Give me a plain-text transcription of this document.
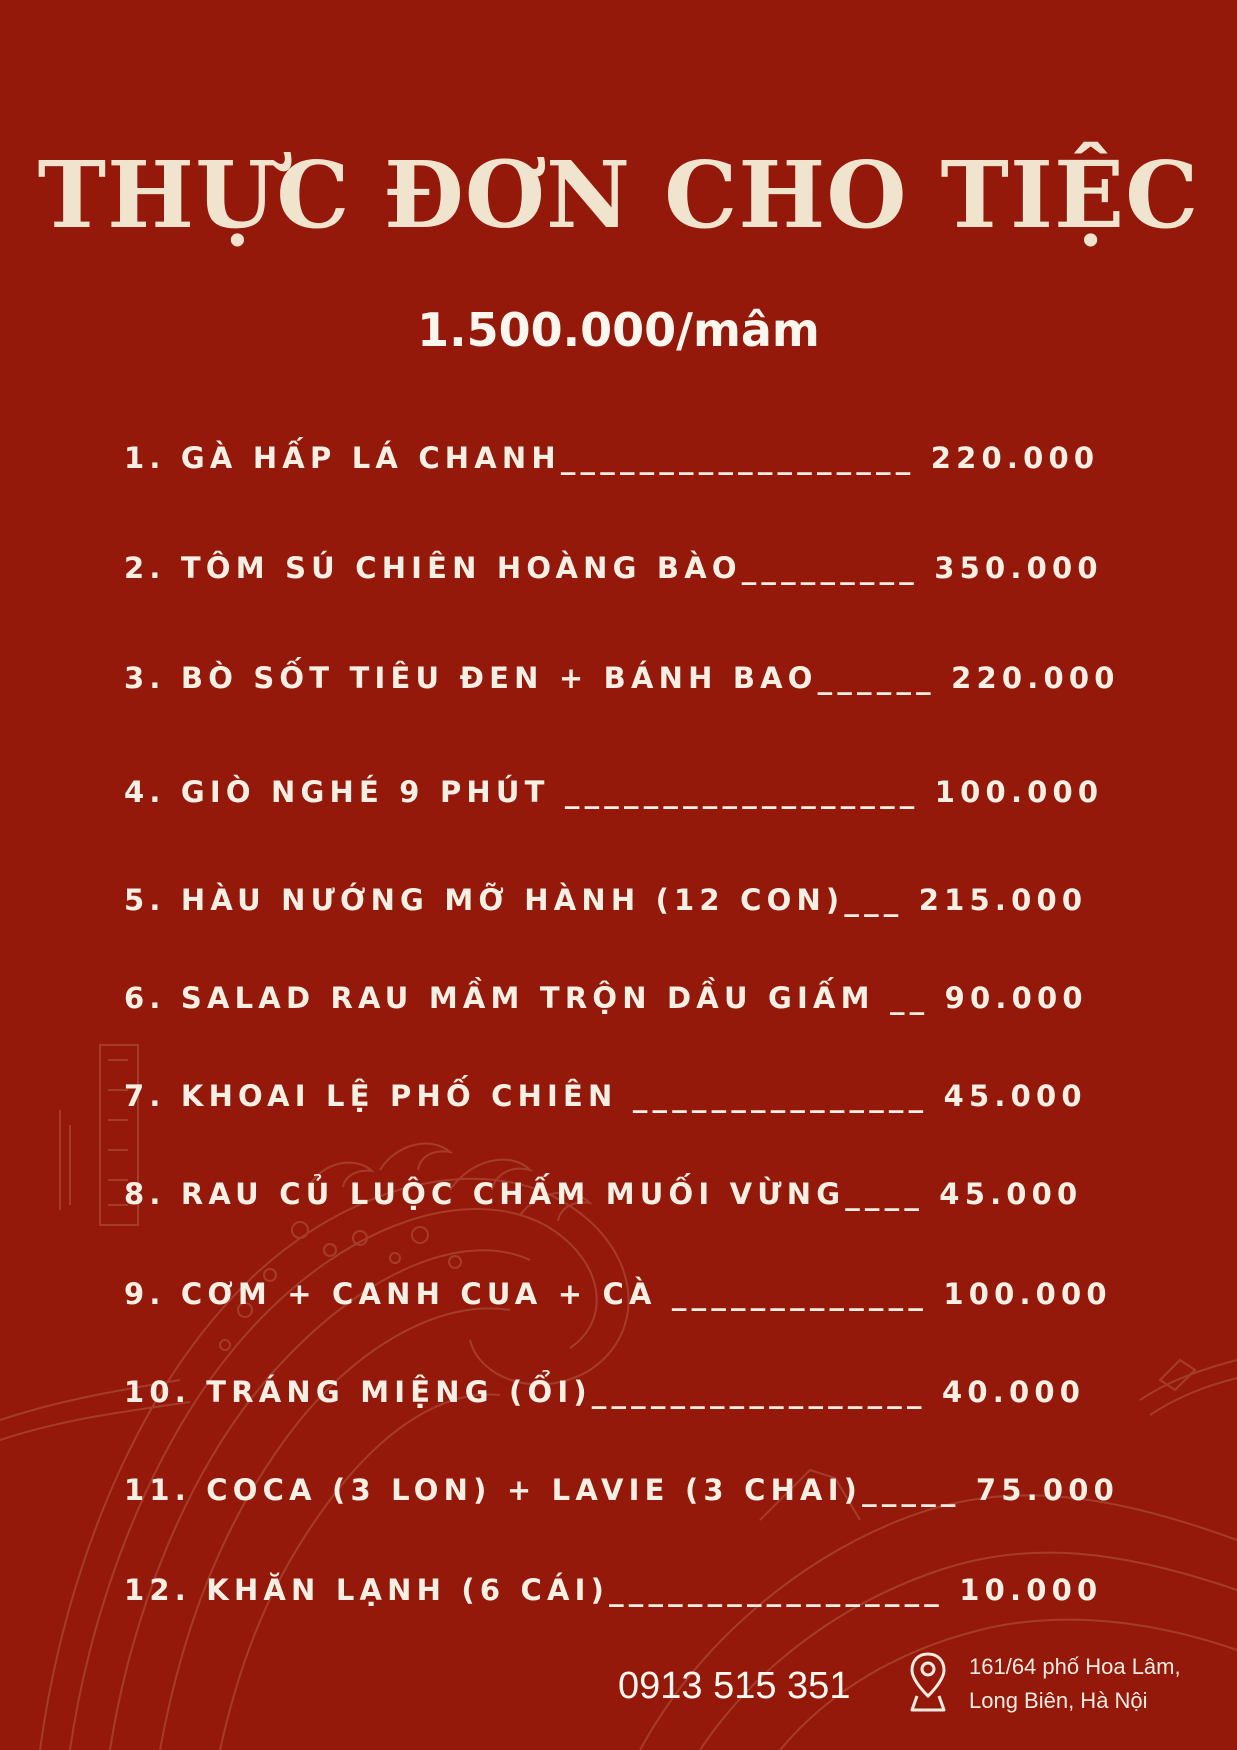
THỰC ĐƠN CHO TIỆC
1.500.000/mâm
1. GÀ HẤP LÁ CHANH__________________ 220.000
2. TÔM SÚ CHIÊN HOÀNG BÀO_________ 350.000
3. BÒ SỐT TIÊU ĐEN + BÁNH BAO______ 220.000
4. GIÒ NGHÉ 9 PHÚT __________________ 100.000
5. HÀU NƯỚNG MỠ HÀNH (12 CON)___ 215.000
6. SALAD RAU MẦM TRỘN DẦU GIẤM __ 90.000
7. KHOAI LỆ PHỐ CHIÊN _______________ 45.000
8. RAU CỦ LUỘC CHẤM MUỐI VỪNG____ 45.000
9. CƠM + CANH CUA + CÀ _____________ 100.000
10. TRÁNG MIỆNG (ỔI)_________________ 40.000
11. COCA (3 LON) + LAVIE (3 CHAI)_____ 75.000
12. KHĂN LẠNH (6 CÁI)_________________ 10.000
0913 515 351	161/64 phố Hoa Lâm,
Long Biên, Hà Nội
